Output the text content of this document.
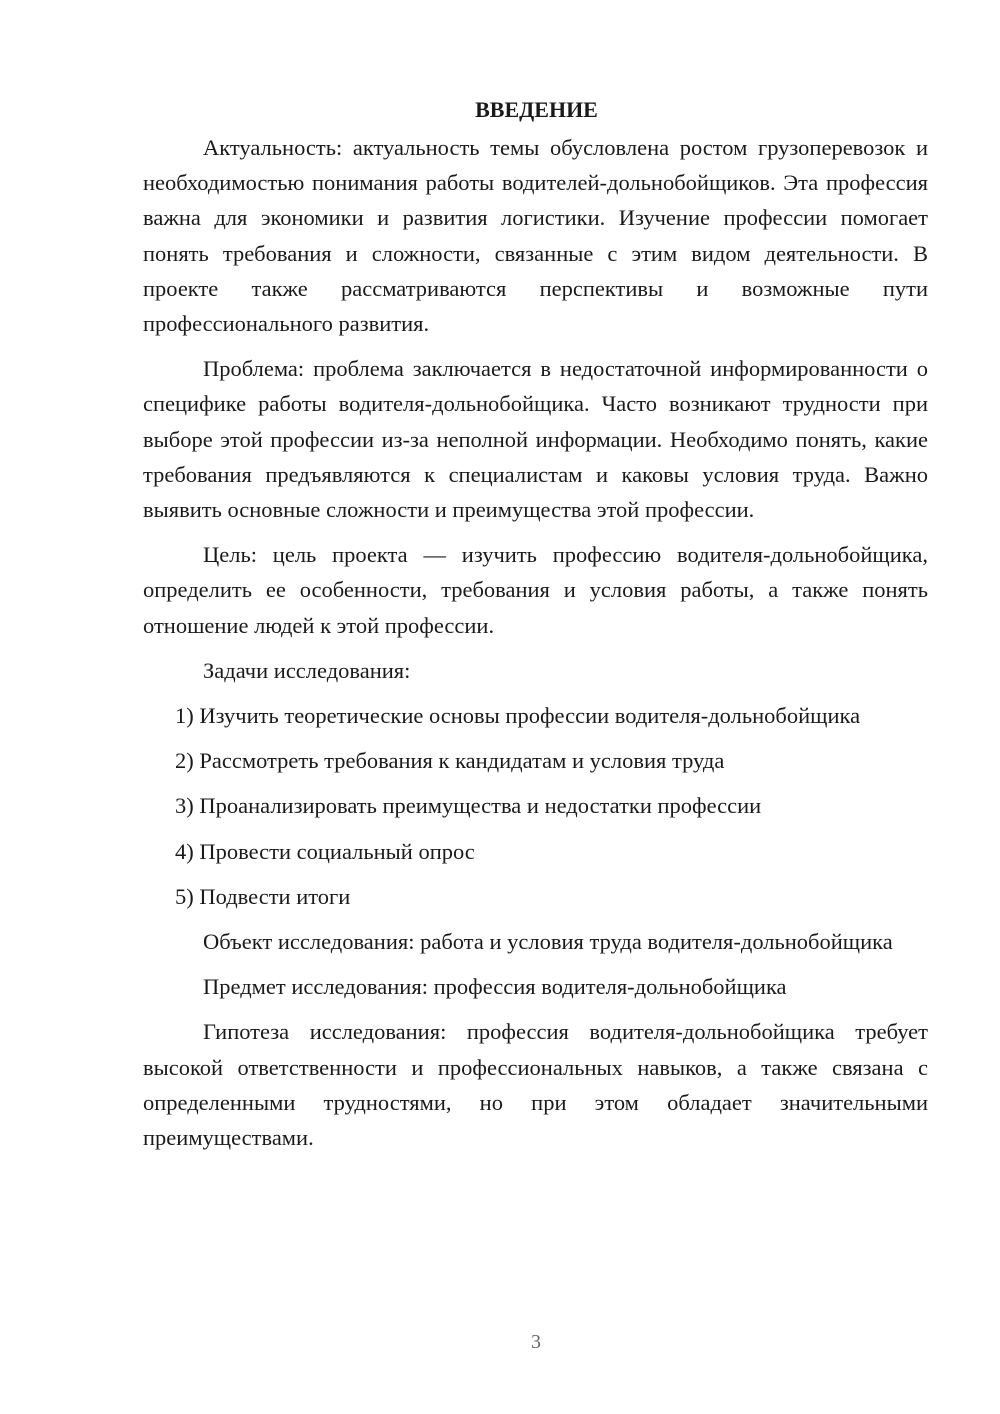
ВВЕДЕНИЕ

Актуальность: актуальность темы обусловлена ростом грузоперевозок и необходимостью понимания работы водителей-дольнобойщиков. Эта профессия важна для экономики и развития логистики. Изучение профессии помогает понять требования и сложности, связанные с этим видом деятельности. В проекте также рассматриваются перспективы и возможные пути профессионального развития.

Проблема: проблема заключается в недостаточной информированности о специфике работы водителя-дольнобойщика. Часто возникают трудности при выборе этой профессии из-за неполной информации. Необходимо понять, какие требования предъявляются к специалистам и каковы условия труда. Важно выявить основные сложности и преимущества этой профессии.

Цель: цель проекта — изучить профессию водителя-дольнобойщика, определить ее особенности, требования и условия работы, а также понять отношение людей к этой профессии.

Задачи исследования:

1) Изучить теоретические основы профессии водителя-дольнобойщика

2) Рассмотреть требования к кандидатам и условия труда

3) Проанализировать преимущества и недостатки профессии

4) Провести социальный опрос

5) Подвести итоги

Объект исследования: работа и условия труда водителя-дольнобойщика

Предмет исследования: профессия водителя-дольнобойщика

Гипотеза исследования: профессия водителя-дольнобойщика требует высокой ответственности и профессиональных навыков, а также связана с определенными трудностями, но при этом обладает значительными преимуществами.

3
